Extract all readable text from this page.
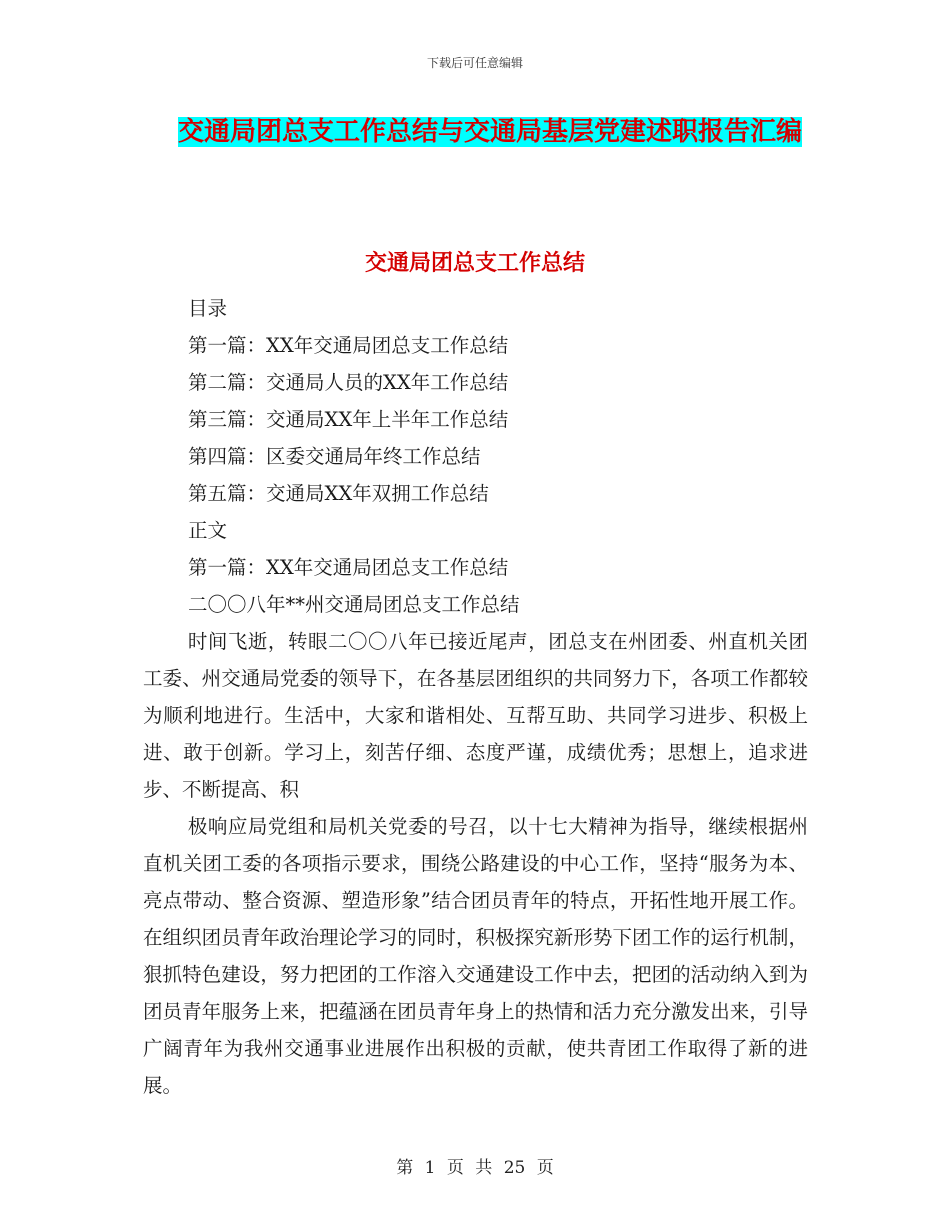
下载后可任意编辑
交通局团总支工作总结与交通局基层党建述职报告汇编
交通局团总支工作总结
目录
第一篇：XX年交通局团总支工作总结
第二篇：交通局人员的XX年工作总结
第三篇：交通局XX年上半年工作总结
第四篇：区委交通局年终工作总结
第五篇：交通局XX年双拥工作总结
正文
第一篇：XX年交通局团总支工作总结
二〇〇八年**州交通局团总支工作总结

时间飞逝，转眼二〇〇八年已接近尾声，团总支在州团委、州直机关团工委、州交通局党委的领导下，在各基层团组织的共同努力下，各项工作都较为顺利地进行。生活中，大家和谐相处、互帮互助、共同学习进步、积极上进、敢于创新。学习上，刻苦仔细、态度严谨，成绩优秀；思想上，追求进步、不断提高、积

极响应局党组和局机关党委的号召，以十七大精神为指导，继续根据州直机关团工委的各项指示要求，围绕公路建设的中心工作，坚持“服务为本、亮点带动、整合资源、塑造形象”结合团员青年的特点，开拓性地开展工作。在组织团员青年政治理论学习的同时，积极探究新形势下团工作的运行机制，狠抓特色建设，努力把团的工作溶入交通建设工作中去，把团的活动纳入到为团员青年服务上来，把蕴涵在团员青年身上的热情和活力充分激发出来，引导广阔青年为我州交通事业进展作出积极的贡献，使共青团工作取得了新的进展。

第 1 页 共 25 页
